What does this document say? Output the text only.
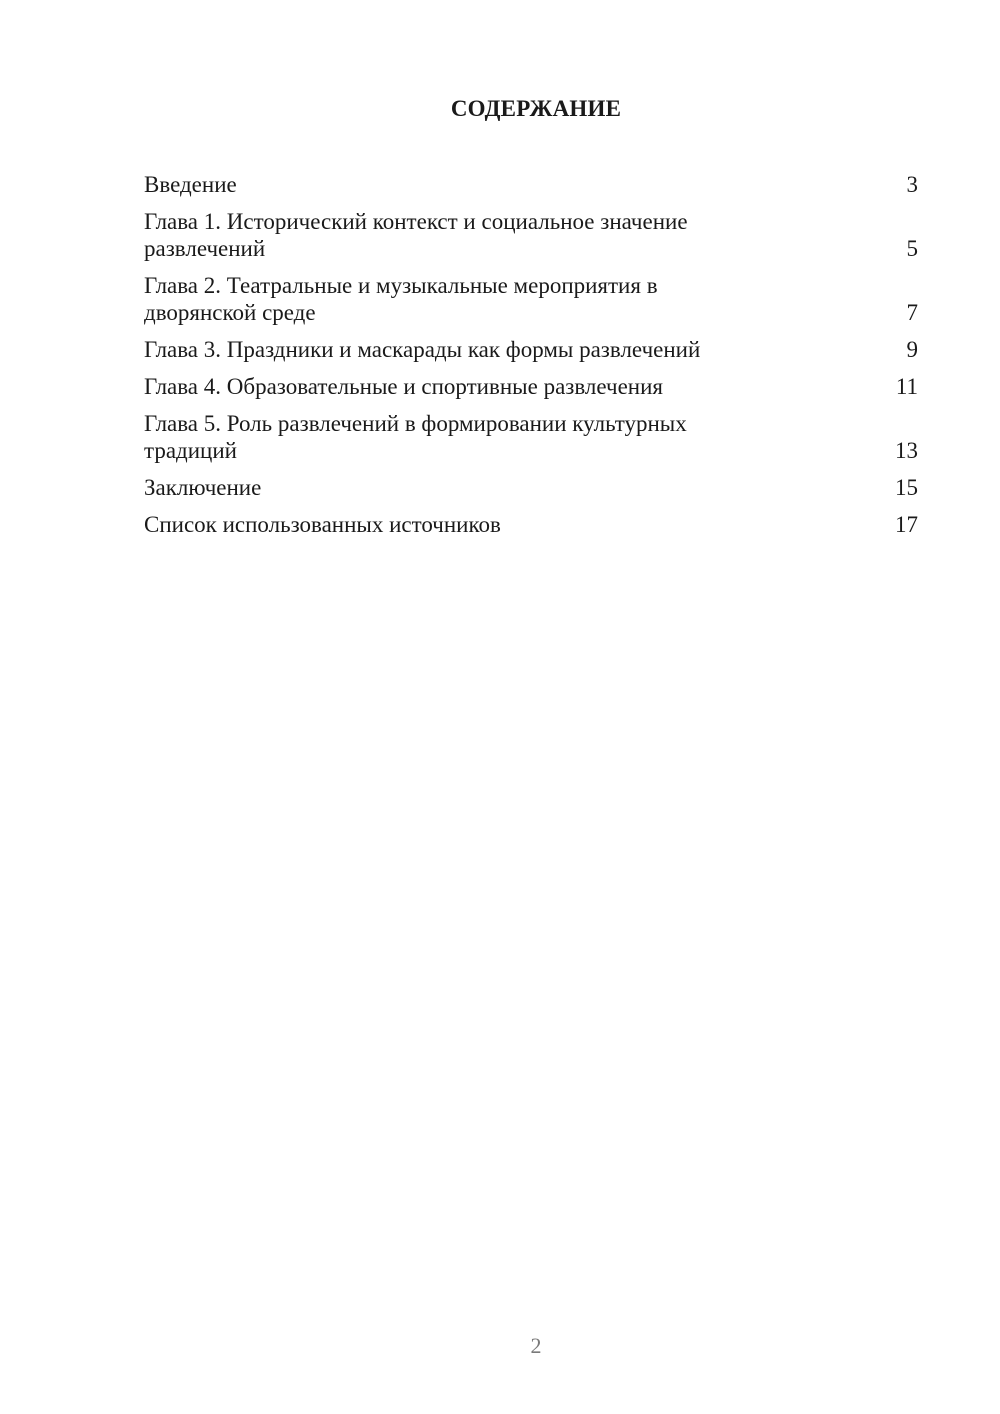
СОДЕРЖАНИЕ
Введение	3
Глава 1. Исторический контекст и социальное значение развлечений	5
Глава 2. Театральные и музыкальные мероприятия в дворянской среде	7
Глава 3. Праздники и маскарады как формы развлечений	9
Глава 4. Образовательные и спортивные развлечения	11
Глава 5. Роль развлечений в формировании культурных традиций	13
Заключение	15
Список использованных источников	17
2
